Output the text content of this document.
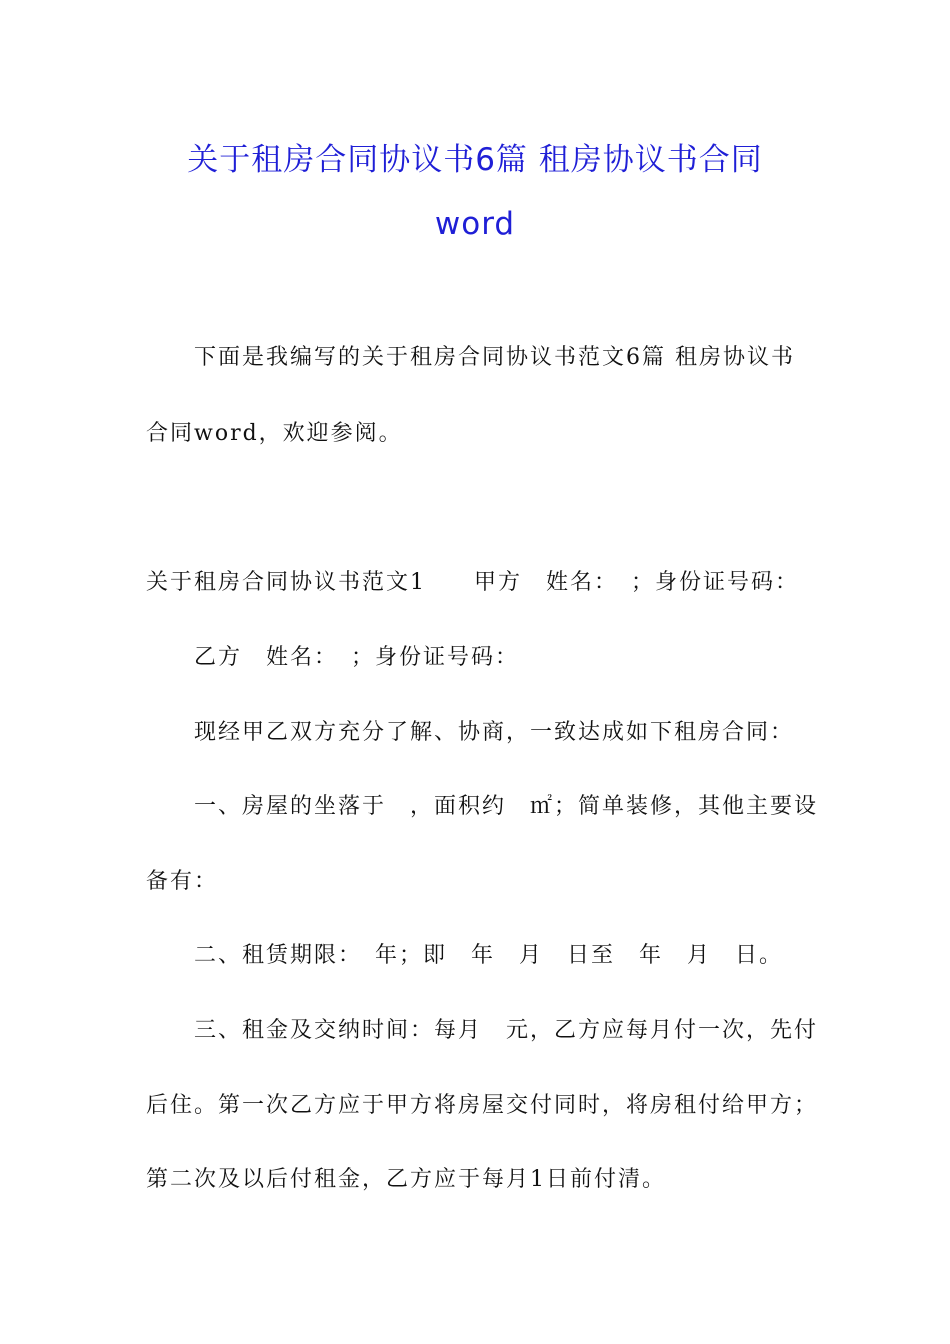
关于租房合同协议书6篇 租房协议书合同
word
下面是我编写的关于租房合同协议书范文6篇 租房协议书
合同word，欢迎参阅。
关于租房合同协议书范文1　　甲方　姓名：　；身份证号码：
乙方　姓名：　；身份证号码：
现经甲乙双方充分了解、协商，一致达成如下租房合同：
一、房屋的坐落于　，面积约　㎡；简单装修，其他主要设
备有：
二、租赁期限：　年；即　年　月　日至　年　月　日。
三、租金及交纳时间：每月　元，乙方应每月付一次，先付
后住。第一次乙方应于甲方将房屋交付同时，将房租付给甲方；
第二次及以后付租金，乙方应于每月1日前付清。
